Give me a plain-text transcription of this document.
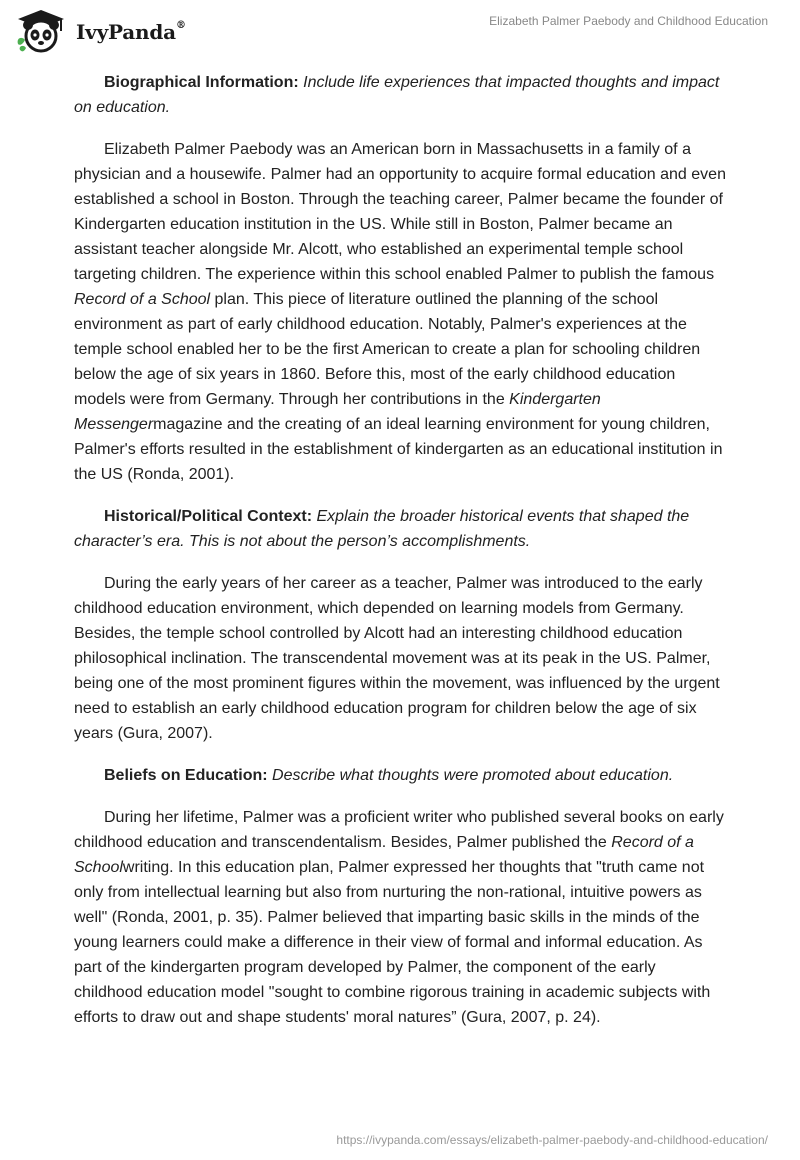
IvyPanda®	Elizabeth Palmer Paebody and Childhood Education

Biographical Information: Include life experiences that impacted thoughts and impact on education.

Elizabeth Palmer Paebody was an American born in Massachusetts in a family of a physician and a housewife. Palmer had an opportunity to acquire formal education and even established a school in Boston. Through the teaching career, Palmer became the founder of Kindergarten education institution in the US. While still in Boston, Palmer became an assistant teacher alongside Mr. Alcott, who established an experimental temple school targeting children. The experience within this school enabled Palmer to publish the famous Record of a School plan. This piece of literature outlined the planning of the school environment as part of early childhood education. Notably, Palmer's experiences at the temple school enabled her to be the first American to create a plan for schooling children below the age of six years in 1860. Before this, most of the early childhood education models were from Germany. Through her contributions in the Kindergarten Messengermagazine and the creating of an ideal learning environment for young children, Palmer's efforts resulted in the establishment of kindergarten as an educational institution in the US (Ronda, 2001).

Historical/Political Context: Explain the broader historical events that shaped the character’s era. This is not about the person’s accomplishments.

During the early years of her career as a teacher, Palmer was introduced to the early childhood education environment, which depended on learning models from Germany. Besides, the temple school controlled by Alcott had an interesting childhood education philosophical inclination. The transcendental movement was at its peak in the US. Palmer, being one of the most prominent figures within the movement, was influenced by the urgent need to establish an early childhood education program for children below the age of six years (Gura, 2007).

Beliefs on Education: Describe what thoughts were promoted about education.

During her lifetime, Palmer was a proficient writer who published several books on early childhood education and transcendentalism. Besides, Palmer published the Record of a Schoolwriting. In this education plan, Palmer expressed her thoughts that "truth came not only from intellectual learning but also from nurturing the non-rational, intuitive powers as well" (Ronda, 2001, p. 35). Palmer believed that imparting basic skills in the minds of the young learners could make a difference in their view of formal and informal education. As part of the kindergarten program developed by Palmer, the component of the early childhood education model "sought to combine rigorous training in academic subjects with efforts to draw out and shape students' moral natures” (Gura, 2007, p. 24).

https://ivypanda.com/essays/elizabeth-palmer-paebody-and-childhood-education/
